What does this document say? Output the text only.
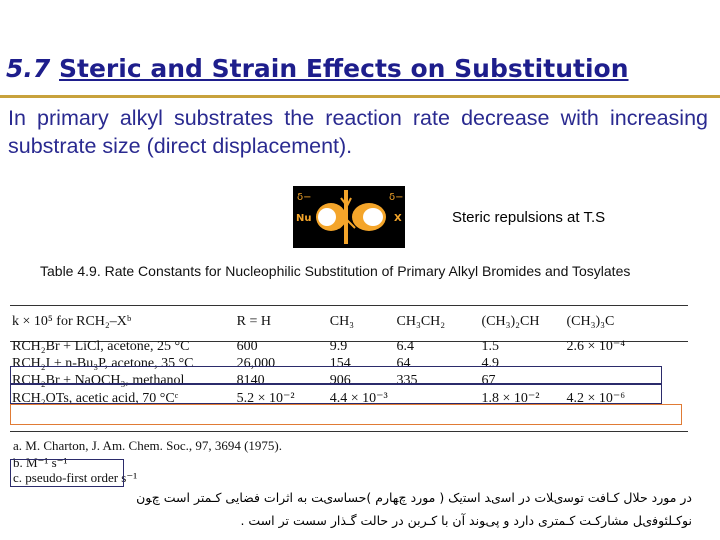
5.7 Steric and Strain Effects on Substitution
In primary alkyl substrates the reaction rate decrease with increasing substrate size (direct displacement).
δ−	δ−
Nu	X	Steric repulsions at T.S
Table 4.9. Rate Constants for Nucleophilic Substitution of Primary Alkyl Bromides and Tosylates
k × 10⁵ for RCH₂–Xᵇ	R = H	CH₃	CH₃CH₂	(CH₃)₂CH	(CH₃)₃C
RCH₂Br + LiCl, acetone, 25 °C	600	9.9	6.4	1.5	2.6 × 10⁻⁴
RCH₂I + n-Bu₃P, acetone, 35 °C	26,000	154	64	4.9	
RCH₂Br + NaOCH₃, methanol	8140	906	335	67	
RCH₂OTs, acetic acid, 70 °Cᶜ	5.2 × 10⁻²	4.4 × 10⁻³		1.8 × 10⁻²	4.2 × 10⁻⁶
a. M. Charton, J. Am. Chem. Soc., 97, 3694 (1975).
b. M⁻¹ s⁻¹
c. pseudo-first order s⁻¹
در مورد حلال کـﺎفت ﺗﻮﺳیﻼت در ﺍﺳیﺪ ﺍﺳﺘیک ( ﻣﻮﺭﺩ چﻬﺎﺭﻡ )ﺣﺴﺎﺳیﺖ ﺑﻪ ﺍﺛﺮﺍﺕ ﻓﻀﺎیی کـﻤﺘﺮ ﺍﺳﺖ چﻮﻥ
ﻧﻮکـﻠﺌﻮﻓیﻞ ﻣﺸﺎﺭکـﺖ کـﻤﺘﺮی ﺩﺍﺭﺩ ﻭ پیﻮﻧﺪ ﺁﻥ ﺑﺎ کـﺮﺑﻦ ﺩﺭ ﺣﺎﻟﺖ گـﺬﺍﺭ ﺳﺴﺖ ﺗﺮ ﺍﺳﺖ .
